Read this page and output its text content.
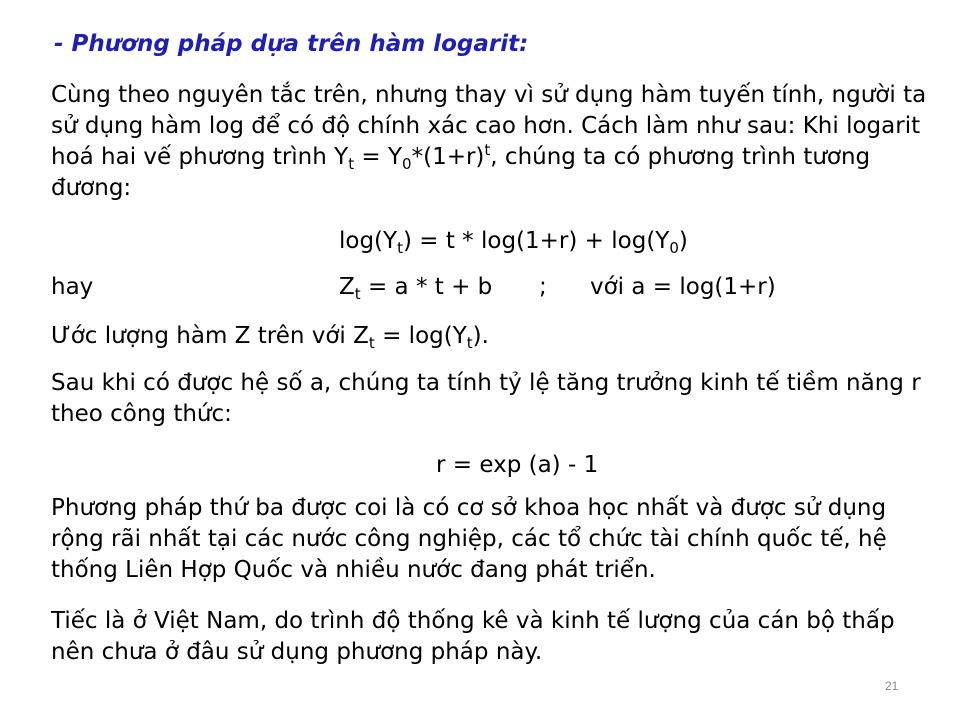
- Phương pháp dựa trên hàm logarit:
Cùng theo nguyên tắc trên, nhưng thay vì sử dụng hàm tuyến tính, người ta sử dụng hàm log để có độ chính xác cao hơn. Cách làm như sau: Khi logarit hoá hai vế phương trình $Y_t = Y_0*(1+r)^t$, chúng ta có phương trình tương đương:
$\log(Y_t) = t * \log(1+r) + \log(Y_0)$
hay	$Z_t = a * t + b$ ; với a = log(1+r)
Ước lượng hàm Z trên với $Z_t = \log(Y_t)$.
Sau khi có được hệ số a, chúng ta tính tỷ lệ tăng trưởng kinh tế tiềm năng r theo công thức:
r = exp (a) - 1
Phương pháp thứ ba được coi là có cơ sở khoa học nhất và được sử dụng rộng rãi nhất tại các nước công nghiệp, các tổ chức tài chính quốc tế, hệ thống Liên Hợp Quốc và nhiều nước đang phát triển.
Tiếc là ở Việt Nam, do trình độ thống kê và kinh tế lượng của cán bộ thấp nên chưa ở đâu sử dụng phương pháp này.
21
